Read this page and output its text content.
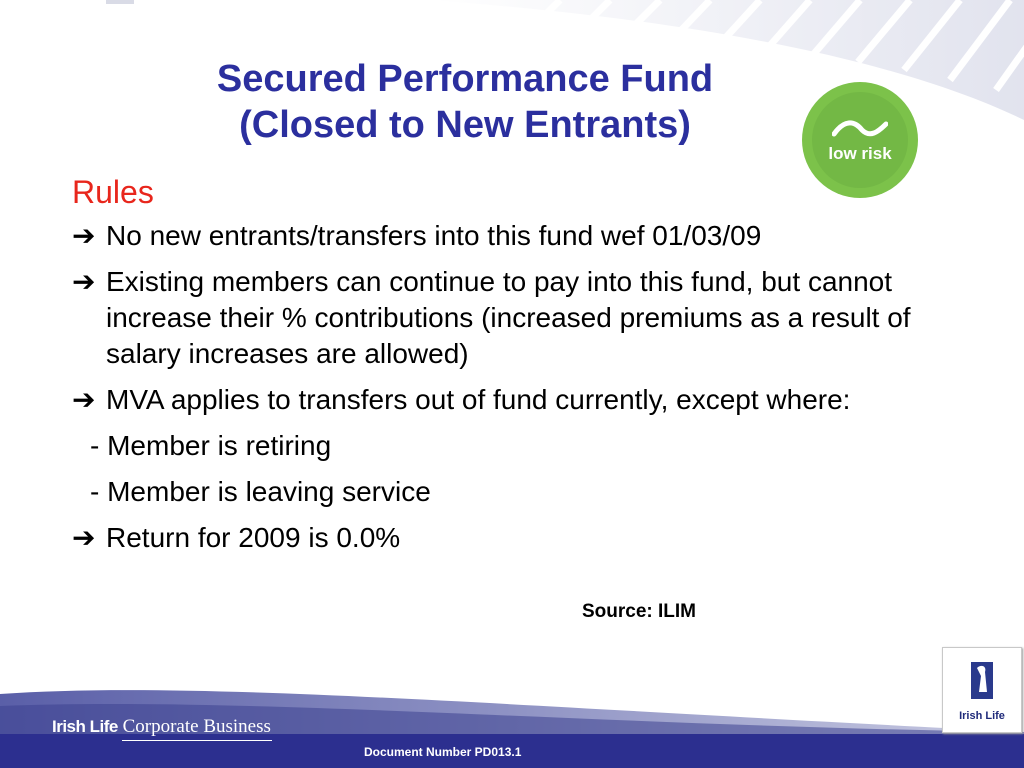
Secured Performance Fund
(Closed to New Entrants)
low risk

Rules

➔ No new entrants/transfers into this fund wef 01/03/09

➔ Existing members can continue to pay into this fund, but cannot increase their % contributions (increased premiums as a result of salary increases are allowed)

➔ MVA applies to transfers out of fund currently, except where:

- Member is retiring

- Member is leaving service

➔ Return for 2009 is 0.0%

Source: ILIM
Irish Life Corporate Business
Document Number PD013.1
Irish Life
